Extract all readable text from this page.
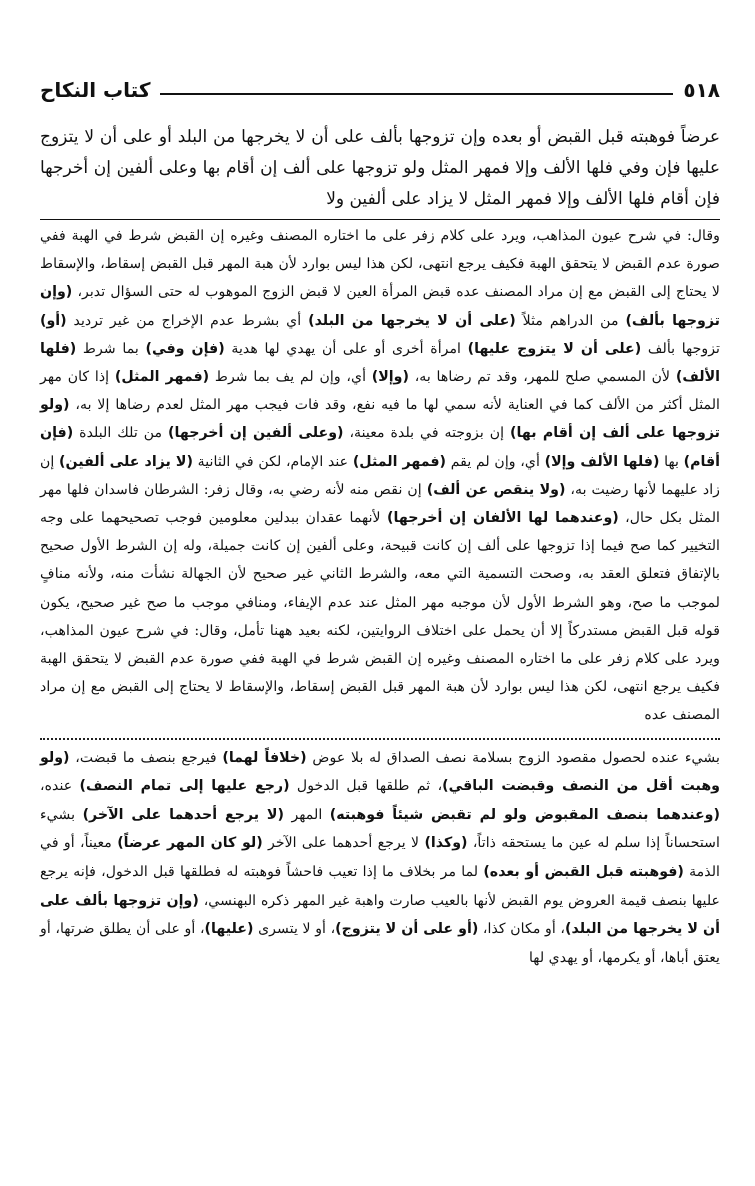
٥١٨
كتاب النكاح

عرضاً فوهبته قبل القبض أو بعده وإن تزوجها بألف على أن لا يخرجها من البلد أو على أن لا يتزوج عليها فإن وفي فلها الألف وإلا فمهر المثل ولو تزوجها على ألف إن أقام بها وعلى ألفين إن أخرجها فإن أقام فلها الألف وإلا فمهر المثل لا يزاد على ألفين ولا

وقال: في شرح عيون المذاهب، ويرد على كلام زفر على ما اختاره المصنف وغيره إن القبض شرط في الهبة ففي صورة عدم القبض لا يتحقق الهبة فكيف يرجع انتهى، لكن هذا ليس بوارد لأن هبة المهر قبل القبض إسقاط، والإسقاط لا يحتاج إلى القبض مع إن مراد المصنف عده قبض المرأة العين لا قبض الزوج الموهوب له حتى السؤال تدبر، (وإن تزوجها بألف) من الدراهم مثلاً (على أن لا يخرجها من البلد) أي بشرط عدم الإخراج من غير ترديد (أو) تزوجها بألف (على أن لا يتزوج عليها) امرأة أخرى أو على أن يهدي لها هدية (فإن وفي) بما شرط (فلها الألف) لأن المسمي صلح للمهر، وقد تم رضاها به، (وإلا) أي، وإن لم يف بما شرط (فمهر المثل) إذا كان مهر المثل أكثر من الألف كما في العناية لأنه سمي لها ما فيه نفع، وقد فات فيجب مهر المثل لعدم رضاها إلا به، (ولو تزوجها على ألف إن أقام بها) إن بزوجته في بلدة معينة، (وعلى ألفين إن أخرجها) من تلك البلدة (فإن أقام) بها (فلها الألف وإلا) أي، وإن لم يقم (فمهر المثل) عند الإمام، لكن في الثانية (لا يزاد على ألفين) إن زاد عليهما لأنها رضيت به، (ولا ينقص عن ألف) إن نقص منه لأنه رضي به، وقال زفر: الشرطان فاسدان فلها مهر المثل بكل حال، (وعندهما لها الألفان إن أخرجها) لأنهما عقدان ببدلين معلومين فوجب تصحيحهما على وجه التخيير كما صح فيما إذا تزوجها على ألف إن كانت قبيحة، وعلى ألفين إن كانت جميلة، وله إن الشرط الأول صحيح بالإتفاق فتعلق العقد به، وصحت التسمية التي معه، والشرط الثاني غير صحيح لأن الجهالة نشأت منه، ولأنه منافٍ لموجب ما صح، وهو الشرط الأول لأن موجبه مهر المثل عند عدم الإيفاء، ومنافي موجب ما صح غير صحيح، يكون قوله قبل القبض مستدركاً إلا أن يحمل على اختلاف الروايتين، لكنه بعيد ههنا تأمل، وقال: في شرح عيون المذاهب، ويرد على كلام زفر على ما اختاره المصنف وغيره إن القبض شرط في الهبة ففي صورة عدم القبض لا يتحقق الهبة فكيف يرجع انتهى، لكن هذا ليس بوارد لأن هبة المهر قبل القبض إسقاط، والإسقاط لا يحتاج إلى القبض مع إن مراد المصنف عده

بشيء عنده لحصول مقصود الزوج بسلامة نصف الصداق له بلا عوض (خلافاً لهما) فيرجع بنصف ما قبضت، (ولو وهبت أقل من النصف وقبضت الباقي)، ثم طلقها قبل الدخول (رجع عليها إلى تمام النصف) عنده، (وعندهما بنصف المقبوض ولو لم تقبض شيئاً فوهبته) المهر (لا يرجع أحدهما على الآخر) بشيء استحساناً إذا سلم له عين ما يستحقه ذاتاً، (وكذا) لا يرجع أحدهما على الآخر (لو كان المهر عرضاً) معيناً، أو في الذمة (فوهبته قبل القبض أو بعده) لما مر بخلاف ما إذا تعيب فاحشاً فوهبته له فطلقها قبل الدخول، فإنه يرجع عليها بنصف قيمة العروض يوم القبض لأنها بالعيب صارت واهبة غير المهر ذكره البهنسي، (وإن تزوجها بألف على أن لا يخرجها من البلد)، أو مكان كذا، (أو على أن لا يتزوج)، أو لا يتسرى (عليها)، أو على أن يطلق ضرتها، أو يعتق أباها، أو يكرمها، أو يهدي لها
